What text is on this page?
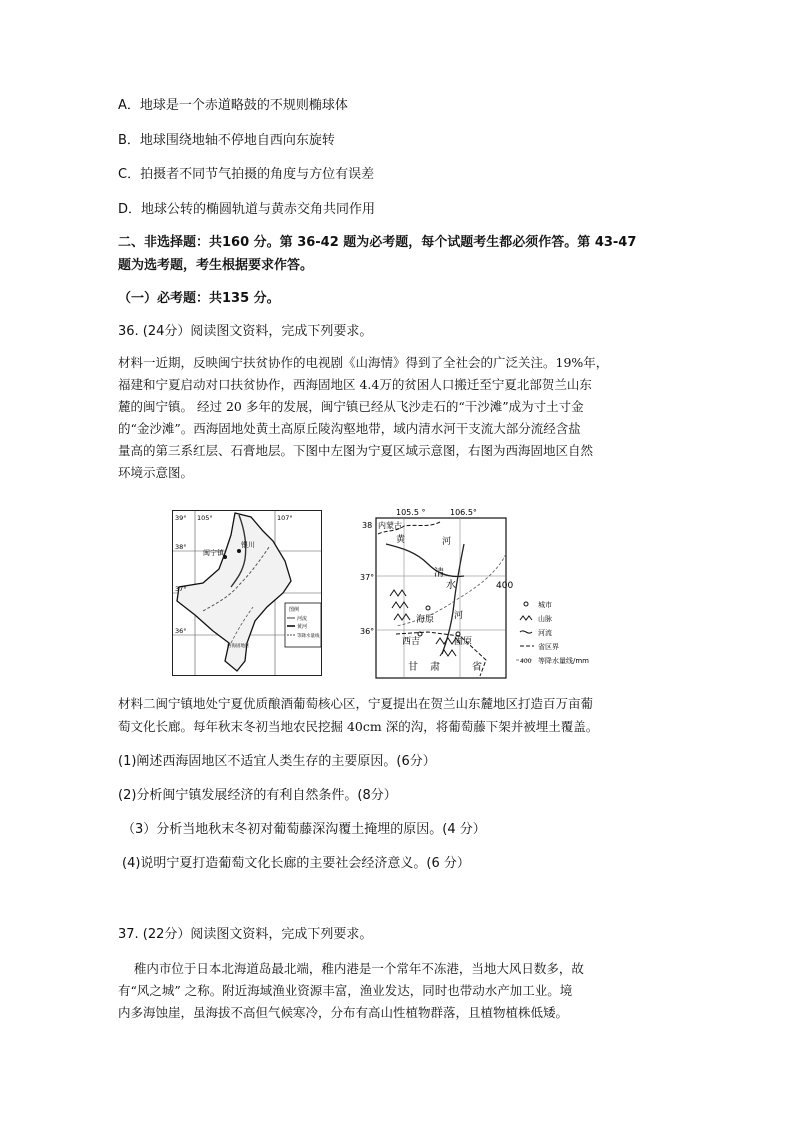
A．地球是一个赤道略鼓的不规则椭球体
B．地球围绕地轴不停地自西向东旋转
C．拍摄者不同节气拍摄的角度与方位有误差
D．地球公转的椭圆轨道与黄赤交角共同作用
二、非选择题：共160 分。第 36-42 题为必考题，每个试题考生都必须作答。第 43-47
题为选考题，考生根据要求作答。
（一）必考题：共135 分。
36. (24分）阅读图文资料，完成下列要求。
材料一近期，反映闽宁扶贫协作的电视剧《山海情》得到了全社会的广泛关注。19%年，
福建和宁夏启动对口扶贫协作，西海固地区 4.4万的贫困人口搬迁至宁夏北部贺兰山东
麓的闽宁镇。 经过 20 多年的发展，闽宁镇已经从飞沙走石的“干沙滩”成为寸土寸金
的“金沙滩”。西海固地处黄土高原丘陵沟壑地带，域内清水河干支流大部分流经含盐
量高的第三系红层、石膏地层。下图中左图为宁夏区域示意图，右图为西海固地区自然
环境示意图。
39°
38°
37°
36°
105°	107°
银川
闽宁镇
西海固地区
图例
河流
黄河
等降水量线
105.5 °	106.5°
38
37°
36°
内蒙古
黄	河
清
水
河
海原
西吉	固原
甘 肃	省
400
城市
山脉
河流
省区界
400 等降水量线/mm
材料二闽宁镇地处宁夏优质酿酒葡萄核心区，宁夏提出在贺兰山东麓地区打造百万亩葡
萄文化长廊。每年秋末冬初当地农民挖掘 40cm 深的沟，将葡萄藤下架并被埋土覆盖。
(1)阐述西海固地区不适宜人类生存的主要原因。(6分）
(2)分析闽宁镇发展经济的有利自然条件。(8分）
（3）分析当地秋末冬初对葡萄藤深沟覆土掩埋的原因。(4 分）
(4)说明宁夏打造葡萄文化长廊的主要社会经济意义。(6 分）
37. (22分）阅读图文资料，完成下列要求。
稚内市位于日本北海道岛最北端，稚内港是一个常年不冻港，当地大风日数多，故
有“风之城” 之称。附近海域渔业资源丰富，渔业发达，同时也带动水产加工业。境
内多海蚀崖，虽海拔不高但气候寒冷，分布有高山性植物群落，且植物植株低矮。
